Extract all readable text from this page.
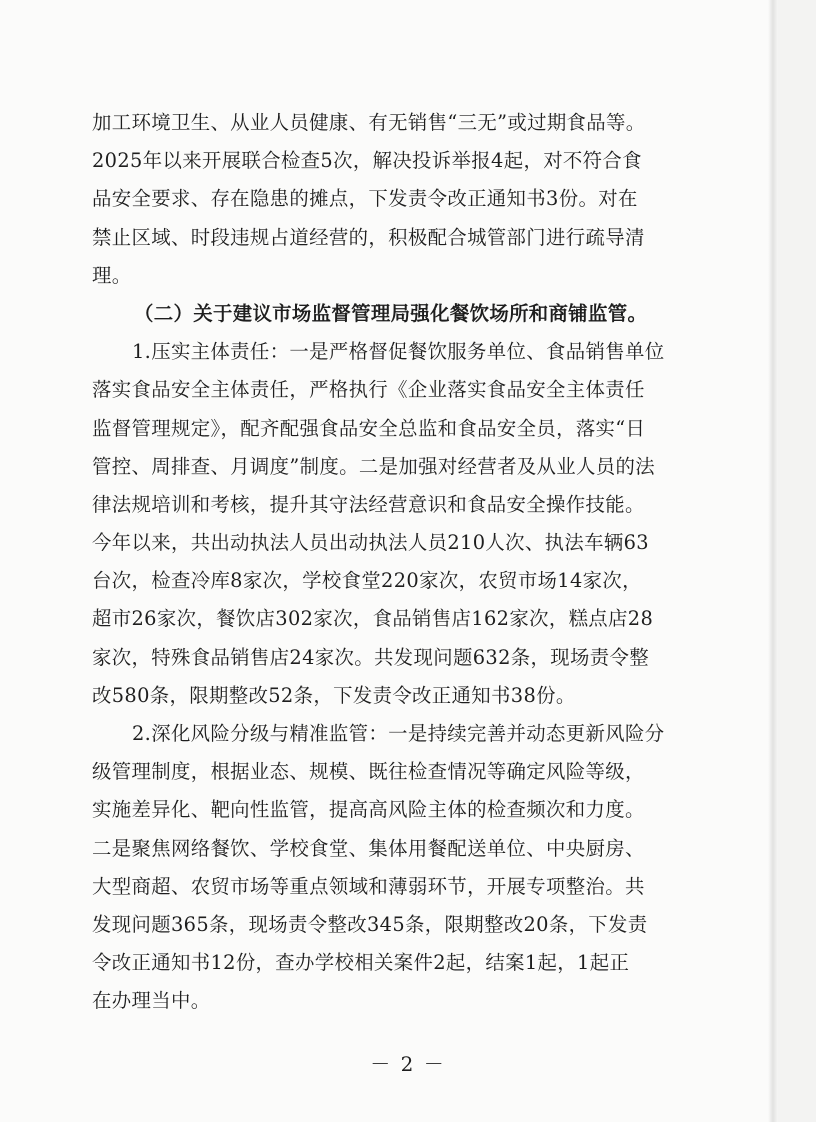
加工环境卫生、从业人员健康、有无销售“三无”或过期食品等。
2025年以来开展联合检查5次，解决投诉举报4起，对不符合食
品安全要求、存在隐患的摊点，下发责令改正通知书3份。对在
禁止区域、时段违规占道经营的，积极配合城管部门进行疏导清
理。
（二）关于建议市场监督管理局强化餐饮场所和商铺监管。
1.压实主体责任：一是严格督促餐饮服务单位、食品销售单位
落实食品安全主体责任，严格执行《企业落实食品安全主体责任
监督管理规定》，配齐配强食品安全总监和食品安全员，落实“日
管控、周排查、月调度”制度。二是加强对经营者及从业人员的法
律法规培训和考核，提升其守法经营意识和食品安全操作技能。
今年以来，共出动执法人员出动执法人员210人次、执法车辆63
台次，检查冷库8家次，学校食堂220家次，农贸市场14家次，
超市26家次，餐饮店302家次，食品销售店162家次，糕点店28
家次，特殊食品销售店24家次。共发现问题632条，现场责令整
改580条，限期整改52条，下发责令改正通知书38份。
2.深化风险分级与精准监管：一是持续完善并动态更新风险分
级管理制度，根据业态、规模、既往检查情况等确定风险等级，
实施差异化、靶向性监管，提高高风险主体的检查频次和力度。
二是聚焦网络餐饮、学校食堂、集体用餐配送单位、中央厨房、
大型商超、农贸市场等重点领域和薄弱环节，开展专项整治。共
发现问题365条，现场责令整改345条，限期整改20条，下发责
令改正通知书12份，查办学校相关案件2起，结案1起，1起正
在办理当中。
－ 2 －
